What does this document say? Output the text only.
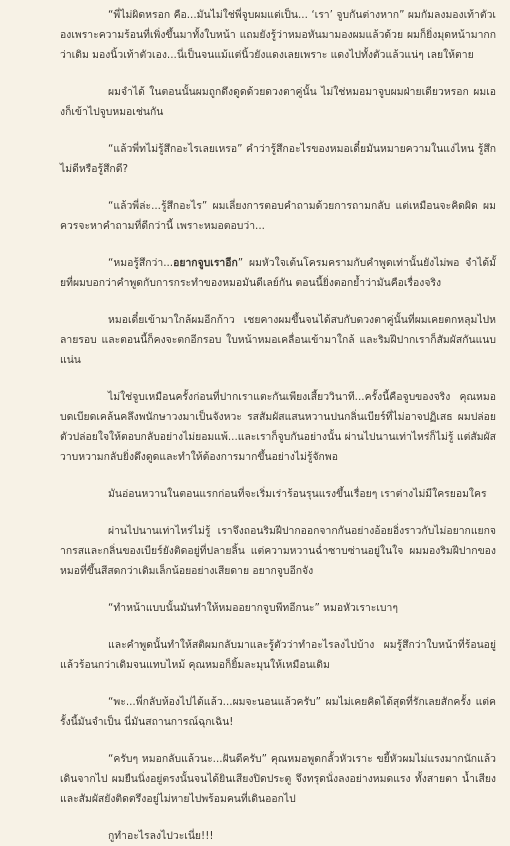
“พี่ไม่ผิดหรอก คือ...มันไม่ใช่พี่จูบผมแต่เป็น... ‘เรา’ จูบกันต่างหาก” ผมกัมลงมองเท้าตัวเองเพราะความร้อนที่เพิ่งขึ้นมาทั้งใบหน้า แถมยังรู้ว่าหมอหันมามองผมแล้วด้วย ผมก็ยิ่งมุดหน้ามากกว่าเดิม มองนิ้วเท้าตัวเอง...นี่เป็นจนแม้แต่นิ้วยังแดงเลยเพราะ แดงไปทั้งตัวแล้วแน่ๆ เลยให้ตาย

ผมจำได้ ในตอนนั้นผมถูกดึงดูดด้วยดวงตาคู่นั้น ไม่ใช่หมอมาจูบผมฝ่ายเดียวหรอก ผมเองก็เข้าไปจูบหมอเช่นกัน

“แล้วพี่ทไม่รู้สึกอะไรเลยเหรอ” คำว่ารู้สึกอะไรของหมอเดี๋ยมันหมายความในแง่ไหน รู้สึกไม่ดีหรือรู้สึกดี?

“แล้วพี่ล่ะ...รู้สึกอะไร” ผมเลี่ยงการตอบคำถามด้วยการถามกลับ แต่เหมือนจะคิดผิด ผมควรจะหาคำถามที่ดีกว่านี้ เพราะหมอตอบว่า...

“หมอรู้สึกว่า...อยากจูบเราอีก” ผมหัวใจเต้นโครมครามกับคำพูดเท่านั้นยังไม่พอ จำได้มั้ยที่ผมบอกว่าคำพูดกับการกระทำของหมอมันดีเลย์กัน ตอนนี้ยิ่งตอกย้ำว่ามันคือเรื่องจริง

หมอเดี๋ยเข้ามาใกล้ผมอีกก้าว เชยคางผมขึ้นจนได้สบกับดวงตาคู่นั้นที่ผมเคยตกหลุมไปหลายรอบ และตอนนี้ก็คงจะตกอีกรอบ ใบหน้าหมอเคลื่อนเข้ามาใกล้ และริมฝีปากเราก็สัมผัสกันแนบแน่น

ไม่ใช่จูบเหมือนครั้งก่อนที่ปากเราแตะกันเพียงเสี้ยววินาที...ครั้งนี้คือจูบของจริง คุณหมอบดเบียดเคล้นคลึงพนักษาวงมาเป็นจังหวะ รสสัมผัสแสนหวานปนกลิ่นเบียร์ที่ไม่อาจปฏิเสธ ผมปล่อยตัวปล่อยใจให้ตอบกลับอย่างไม่ยอมแพ้...และเราก็จูบกันอย่างนั้น ผ่านไปนานเท่าไหร่ก็ไม่รู้ แต่สัมผัสวาบหวามกลับยิ่งดึงดูดและทำให้ต้องการมากขึ้นอย่างไม่รู้จักพอ

มันอ่อนหวานในตอนแรกก่อนที่จะเริ่มเร่าร้อนรุนแรงขึ้นเรื่อยๆ เราต่างไม่มีใครยอมใคร

ผ่านไปนานเท่าไหร่ไม่รู้ เราจึงถอนริมฝีปากออกจากกันอย่างอ้อยอิ่งราวกับไม่อยากแยกจากรสและกลิ่นของเบียร์ยังติดอยู่ที่ปลายลิ้น แต่ความหวานฉ่ำซาบซ่านอยู่ในใจ ผมมองริมฝีปากของหมอที่ขึ้นสีสดกว่าเดิมเล็กน้อยอย่างเสียดาย อยากจูบอีกจัง

“ทำหน้าแบบนั้นมันทำให้หมออยากจูบพีทอีกนะ” หมอหัวเราะเบาๆ

และคำพูดนั้นทำให้สติผมกลับมาและรู้ตัวว่าทำอะไรลงไปบ้าง ผมรู้สึกว่าใบหน้าที่ร้อนอยู่แล้วร้อนกว่าเดิมจนแทบไหม้ คุณหมอก็ยิ้มละมุนให้เหมือนเดิม

“พะ...พี่กลับห้องไปได้แล้ว...ผมจะนอนแล้วครับ” ผมไม่เคยคิดได้สุดที่รักเลยสักครั้ง แต่ครั้งนี้มันจำเป็น นี่มันสถานการณ์ฉุกเฉิน!

“ครับๆ หมอกลับแล้วนะ...ฝันดีครับ” คุณหมอพูดกลั้วหัวเราะ ขยี้หัวผมไม่แรงมากนักแล้วเดินจากไป ผมยืนนิ่งอยู่ตรงนั้นจนได้ยินเสียงปิดประตู จึงทรุดนั่งลงอย่างหมดแรง ทั้งสายตา น้ำเสียง และสัมผัสยังติดตรึงอยู่ไม่หายไปพร้อมคนที่เดินออกไป

กูทำอะไรลงไปวะเนี่ย!!!
